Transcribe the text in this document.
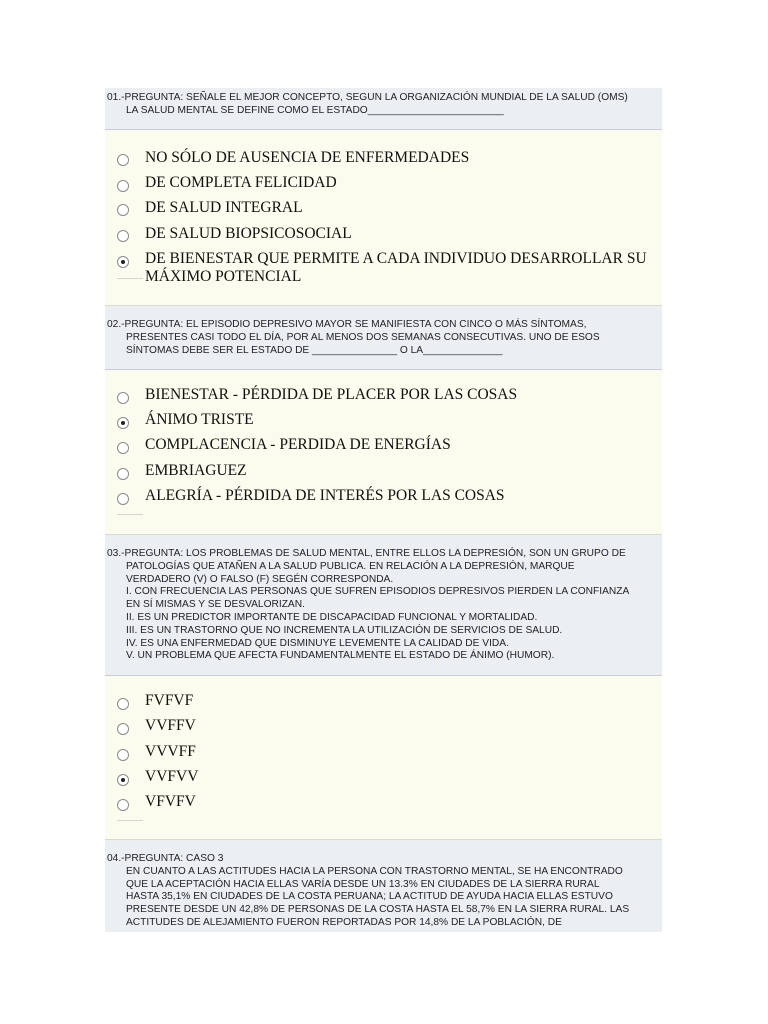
01.-PREGUNTA: SEÑALE EL MEJOR CONCEPTO, SEGUN LA ORGANIZACIÓN MUNDIAL DE LA SALUD (OMS)
LA SALUD MENTAL SE DEFINE COMO EL ESTADO________________________
NO SÓLO DE AUSENCIA DE ENFERMEDADES
DE COMPLETA FELICIDAD
DE SALUD INTEGRAL
DE SALUD BIOPSICOSOCIAL
DE BIENESTAR QUE PERMITE A CADA INDIVIDUO DESARROLLAR SU MÁXIMO POTENCIAL
02.-PREGUNTA: EL EPISODIO DEPRESIVO MAYOR SE MANIFIESTA CON CINCO O MÁS SÍNTOMAS,
PRESENTES CASI TODO EL DÍA, POR AL MENOS DOS SEMANAS CONSECUTIVAS. UNO DE ESOS
SÍNTOMAS DEBE SER EL ESTADO DE _______________ O LA______________
BIENESTAR - PÉRDIDA DE PLACER POR LAS COSAS
ÁNIMO TRISTE
COMPLACENCIA - PERDIDA DE ENERGÍAS
EMBRIAGUEZ
ALEGRÍA - PÉRDIDA DE INTERÉS POR LAS COSAS
03.-PREGUNTA: LOS PROBLEMAS DE SALUD MENTAL, ENTRE ELLOS LA DEPRESIÓN, SON UN GRUPO DE
PATOLOGÍAS QUE ATAÑEN A LA SALUD PUBLICA. EN RELACIÓN A LA DEPRESIÓN, MARQUE
VERDADERO (V) O FALSO (F) SEGÉN CORRESPONDA.
I. CON FRECUENCIA LAS PERSONAS QUE SUFREN EPISODIOS DEPRESIVOS PIERDEN LA CONFIANZA
EN SÍ MISMAS Y SE DESVALORIZAN.
II. ES UN PREDICTOR IMPORTANTE DE DISCAPACIDAD FUNCIONAL Y MORTALIDAD.
III. ES UN TRASTORNO QUE NO INCREMENTA LA UTILIZACIÓN DE SERVICIOS DE SALUD.
IV. ES UNA ENFERMEDAD QUE DISMINUYE LEVEMENTE LA CALIDAD DE VIDA.
V. UN PROBLEMA QUE AFECTA FUNDAMENTALMENTE EL ESTADO DE ÁNIMO (HUMOR).
FVFVF
VVFFV
VVVFF
VVFVV
VFVFV
04.-PREGUNTA: CASO 3
EN CUANTO A LAS ACTITUDES HACIA LA PERSONA CON TRASTORNO MENTAL, SE HA ENCONTRADO
QUE LA ACEPTACIÓN HACIA ELLAS VARÍA DESDE UN 13.3% EN CIUDADES DE LA SIERRA RURAL
HASTA 35,1% EN CIUDADES DE LA COSTA PERUANA; LA ACTITUD DE AYUDA HACIA ELLAS ESTUVO
PRESENTE DESDE UN 42,8% DE PERSONAS DE LA COSTA HASTA EL 58,7% EN LA SIERRA RURAL. LAS
ACTITUDES DE ALEJAMIENTO FUERON REPORTADAS POR 14,8% DE LA POBLACIÓN, DE
